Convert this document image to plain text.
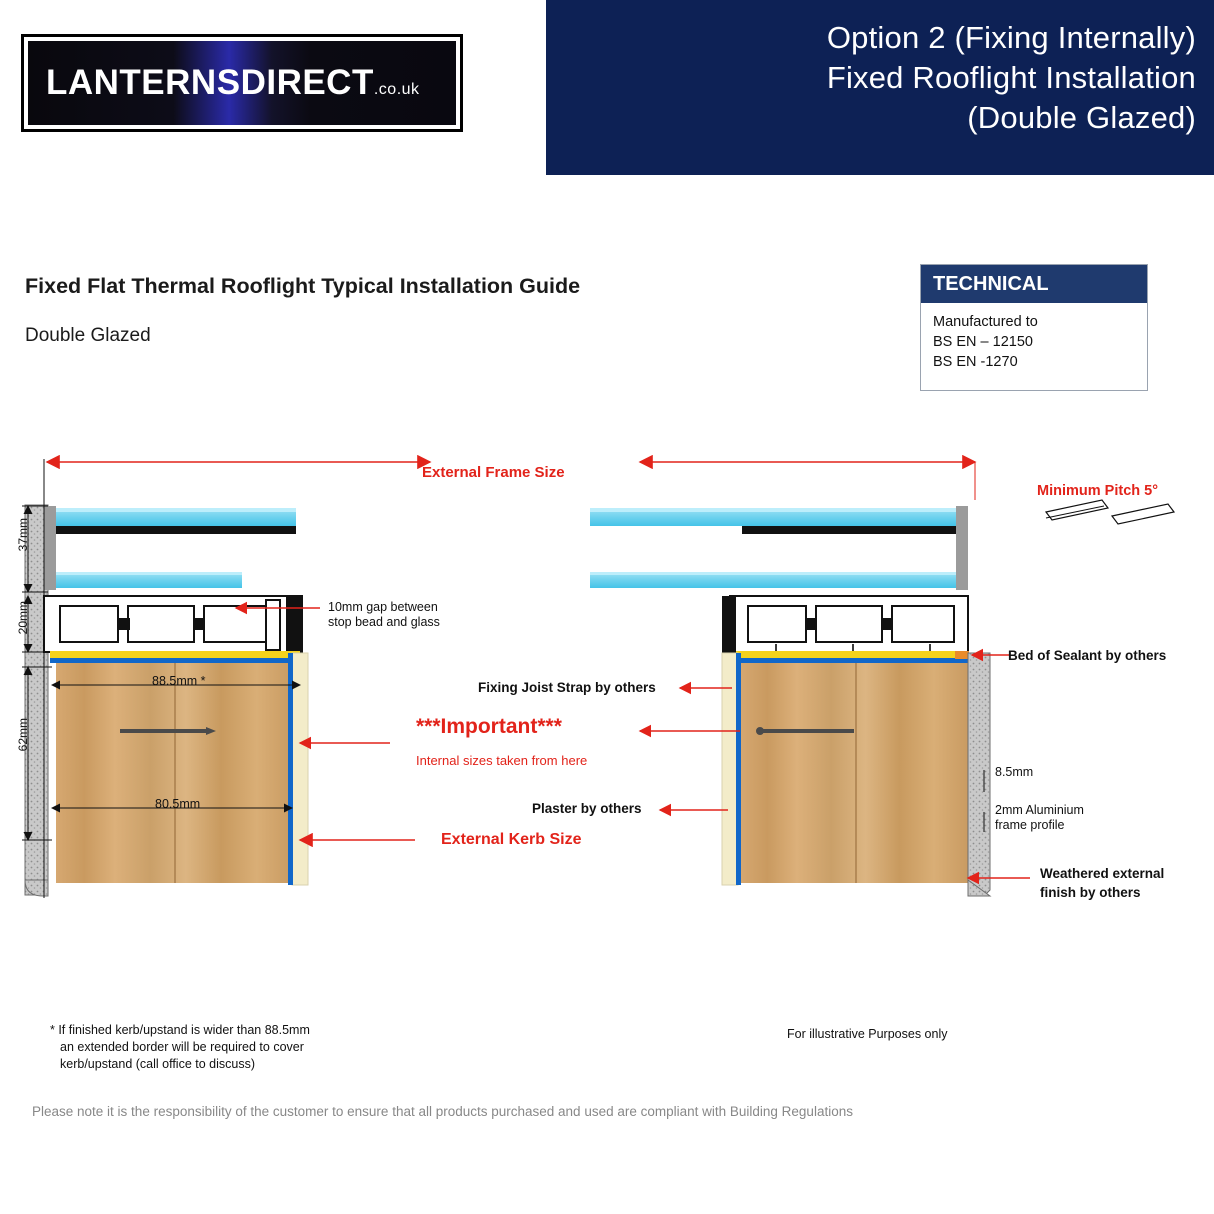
Option 2 (Fixing Internally)
Fixed Rooflight Installation
(Double Glazed)
LANTERNSDIRECT.co.uk
Fixed Flat Thermal Rooflight Typical Installation Guide
Double Glazed
TECHNICAL
Manufactured to
BS EN – 12150
BS EN -1270
External Frame Size
Minimum Pitch 5°
37mm
20mm
62mm
88.5mm *
80.5mm
10mm gap between
stop bead and glass
Fixing Joist Strap by others
Plaster by others
Bed of Sealant by others
8.5mm
2mm Aluminium
frame profile
Weathered external
finish by others
***Important***
Internal sizes taken from here
External Kerb Size
* If finished kerb/upstand is wider than 88.5mm
an extended border will be required to cover
kerb/upstand (call office to discuss)
For illustrative Purposes only
Please note it is the responsibility of the customer to ensure that all products purchased and used are compliant with Building Regulations
